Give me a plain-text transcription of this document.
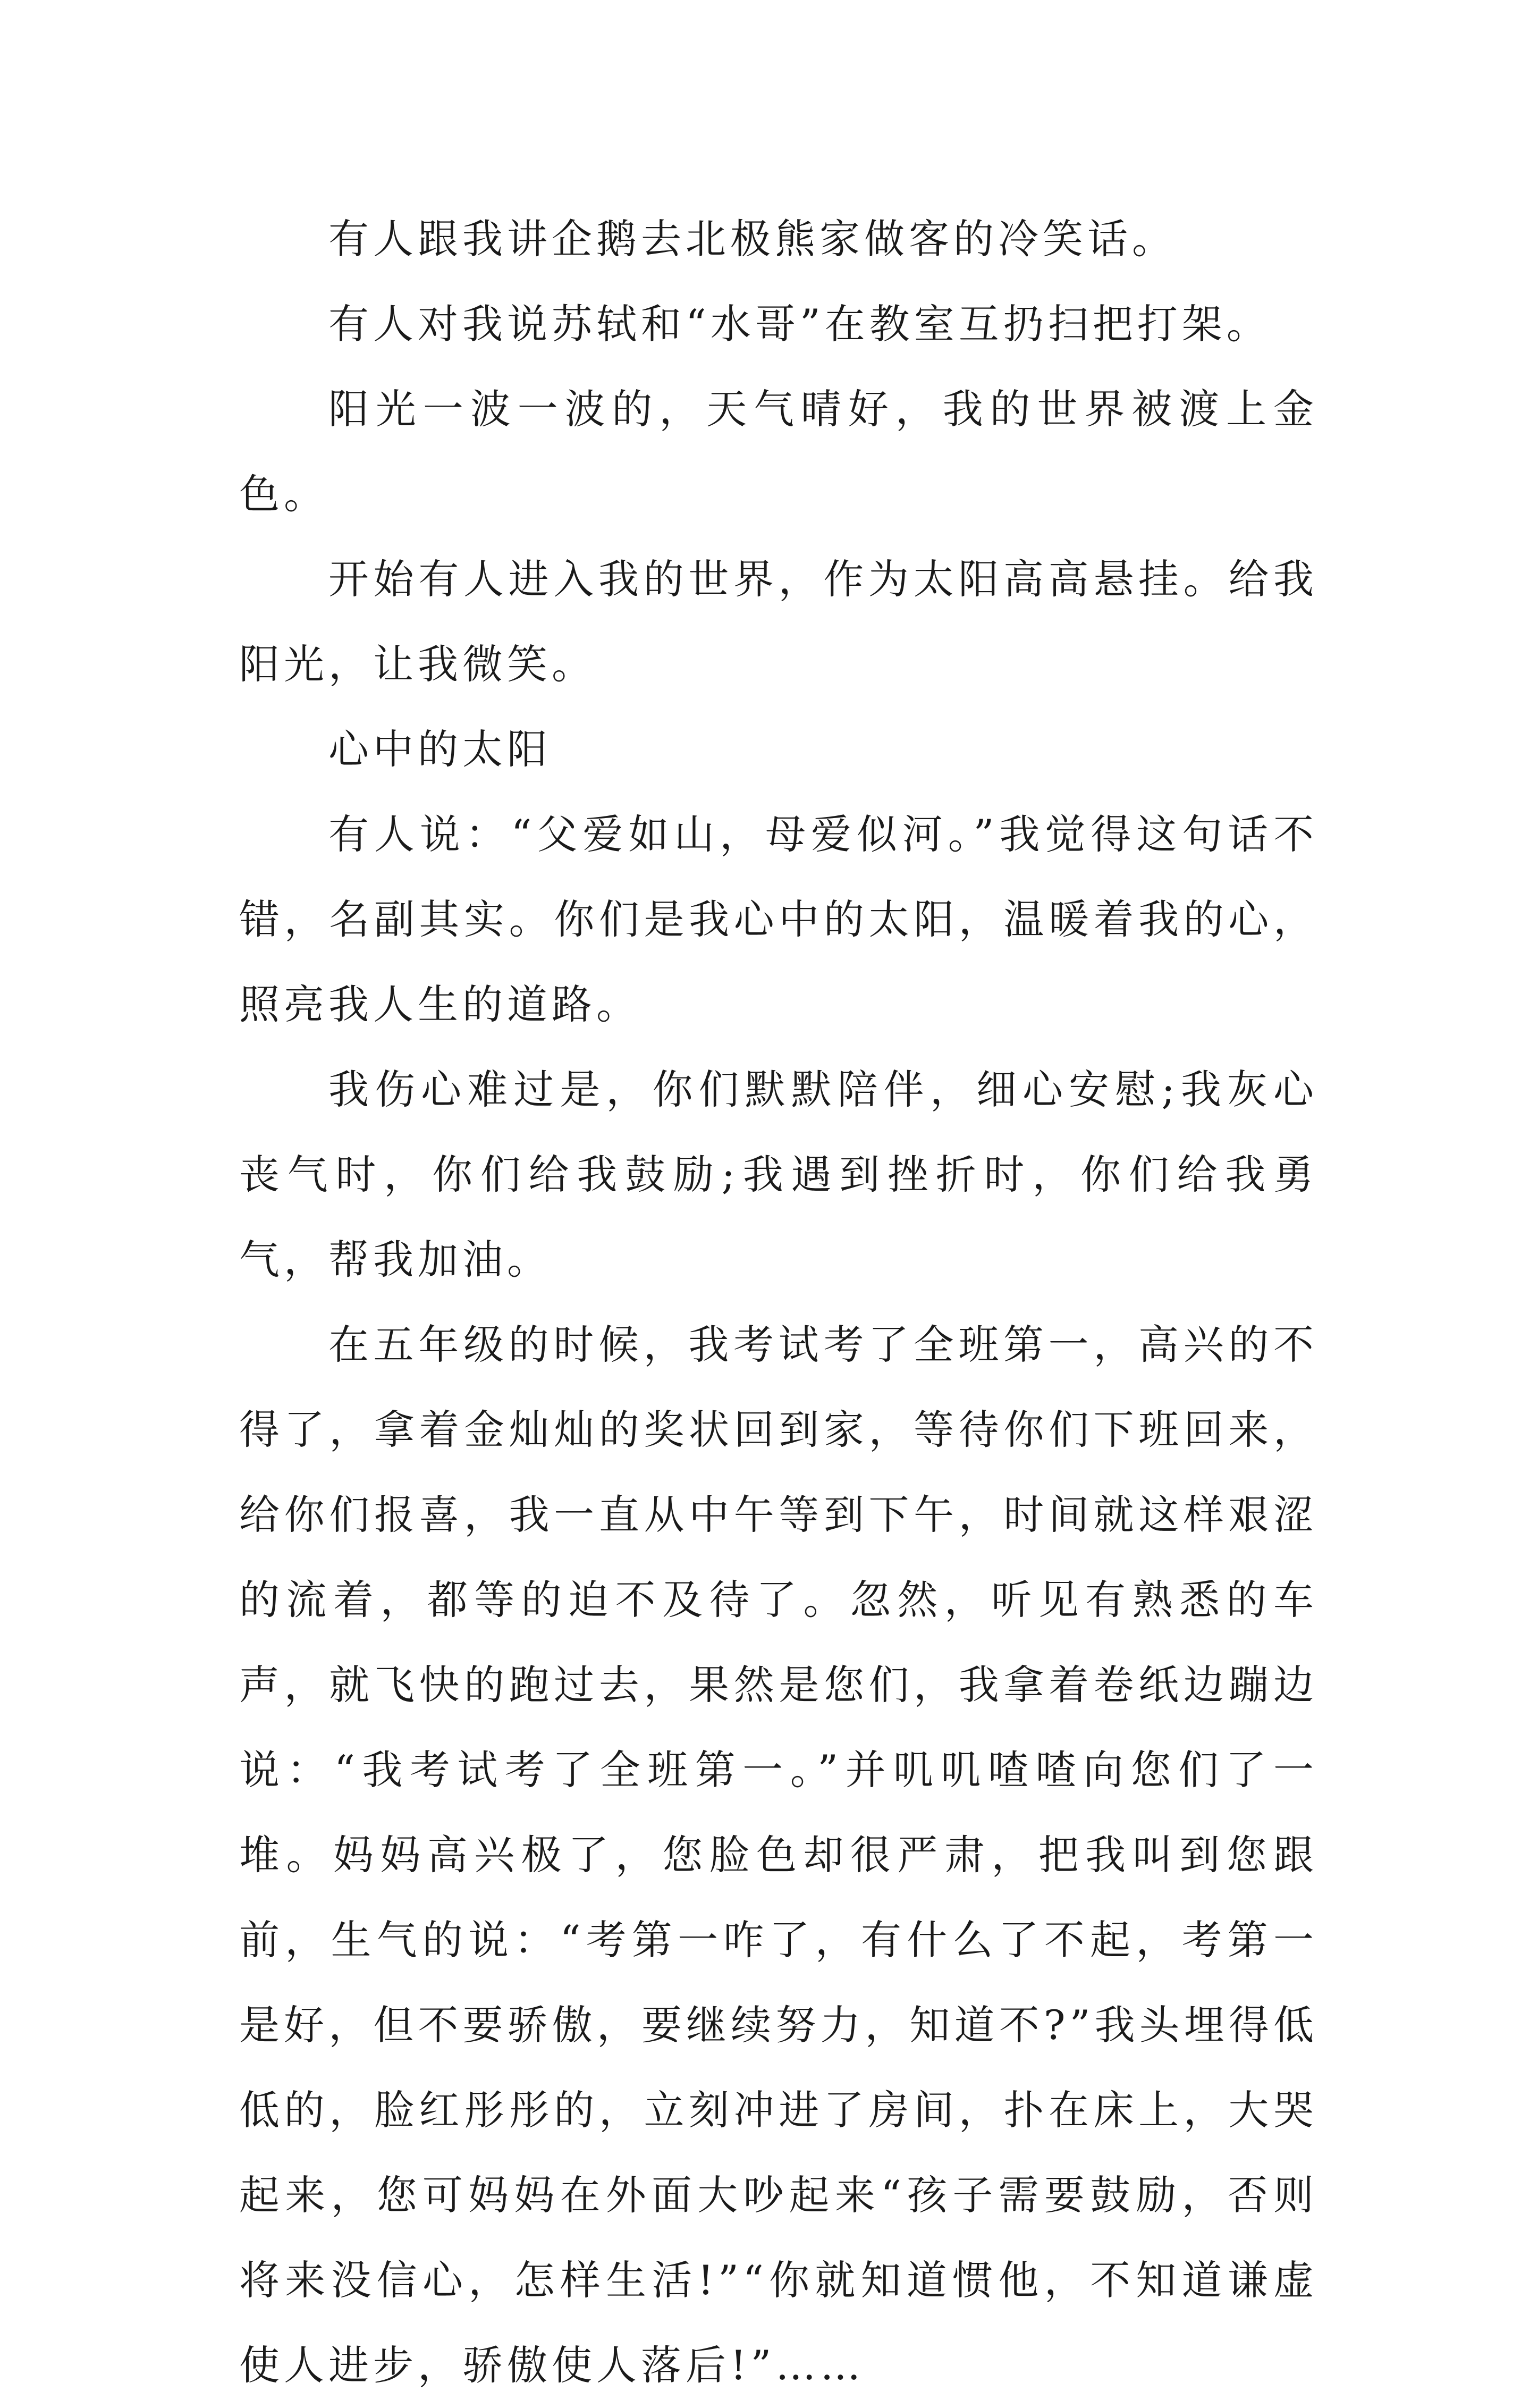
有人跟我讲企鹅去北极熊家做客的冷笑话。

有人对我说苏轼和“水哥”在教室互扔扫把打架。

阳光一波一波的，天气晴好，我的世界被渡上金色。

开始有人进入我的世界，作为太阳高高悬挂。给我阳光，让我微笑。

心中的太阳

有人说：“父爱如山，母爱似河。”我觉得这句话不错，名副其实。你们是我心中的太阳，温暖着我的心，照亮我人生的道路。

我伤心难过是，你们默默陪伴，细心安慰;我灰心丧气时，你们给我鼓励;我遇到挫折时，你们给我勇气，帮我加油。

在五年级的时候，我考试考了全班第一，高兴的不得了，拿着金灿灿的奖状回到家，等待你们下班回来，给你们报喜，我一直从中午等到下午，时间就这样艰涩的流着，都等的迫不及待了。忽然，听见有熟悉的车声，就飞快的跑过去，果然是您们，我拿着卷纸边蹦边说：“我考试考了全班第一。”并叽叽喳喳向您们了一堆。妈妈高兴极了，您脸色却很严肃，把我叫到您跟前，生气的说：“考第一咋了，有什么了不起，考第一是好，但不要骄傲，要继续努力，知道不?”我头埋得低低的，脸红彤彤的，立刻冲进了房间，扑在床上，大哭起来，您可妈妈在外面大吵起来“孩子需要鼓励，否则将来没信心，怎样生活!”“你就知道惯他，不知道谦虚使人进步，骄傲使人落后!”……
